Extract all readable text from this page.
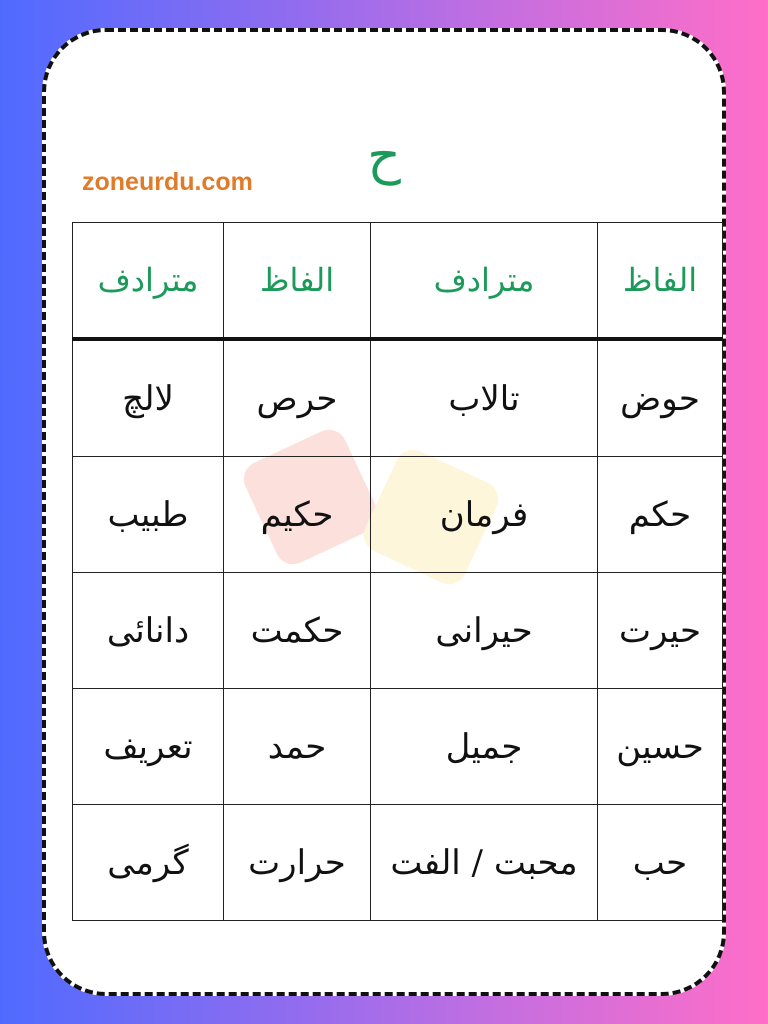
ح
zoneurdu.com
الفاظ	مترادف	الفاظ	مترادف
حوض	تالاب	حرص	لالچ
حکم	فرمان	حکیم	طبیب
حیرت	حیرانی	حکمت	دانائی
حسین	جمیل	حمد	تعریف
حب	محبت / الفت	حرارت	گرمی
